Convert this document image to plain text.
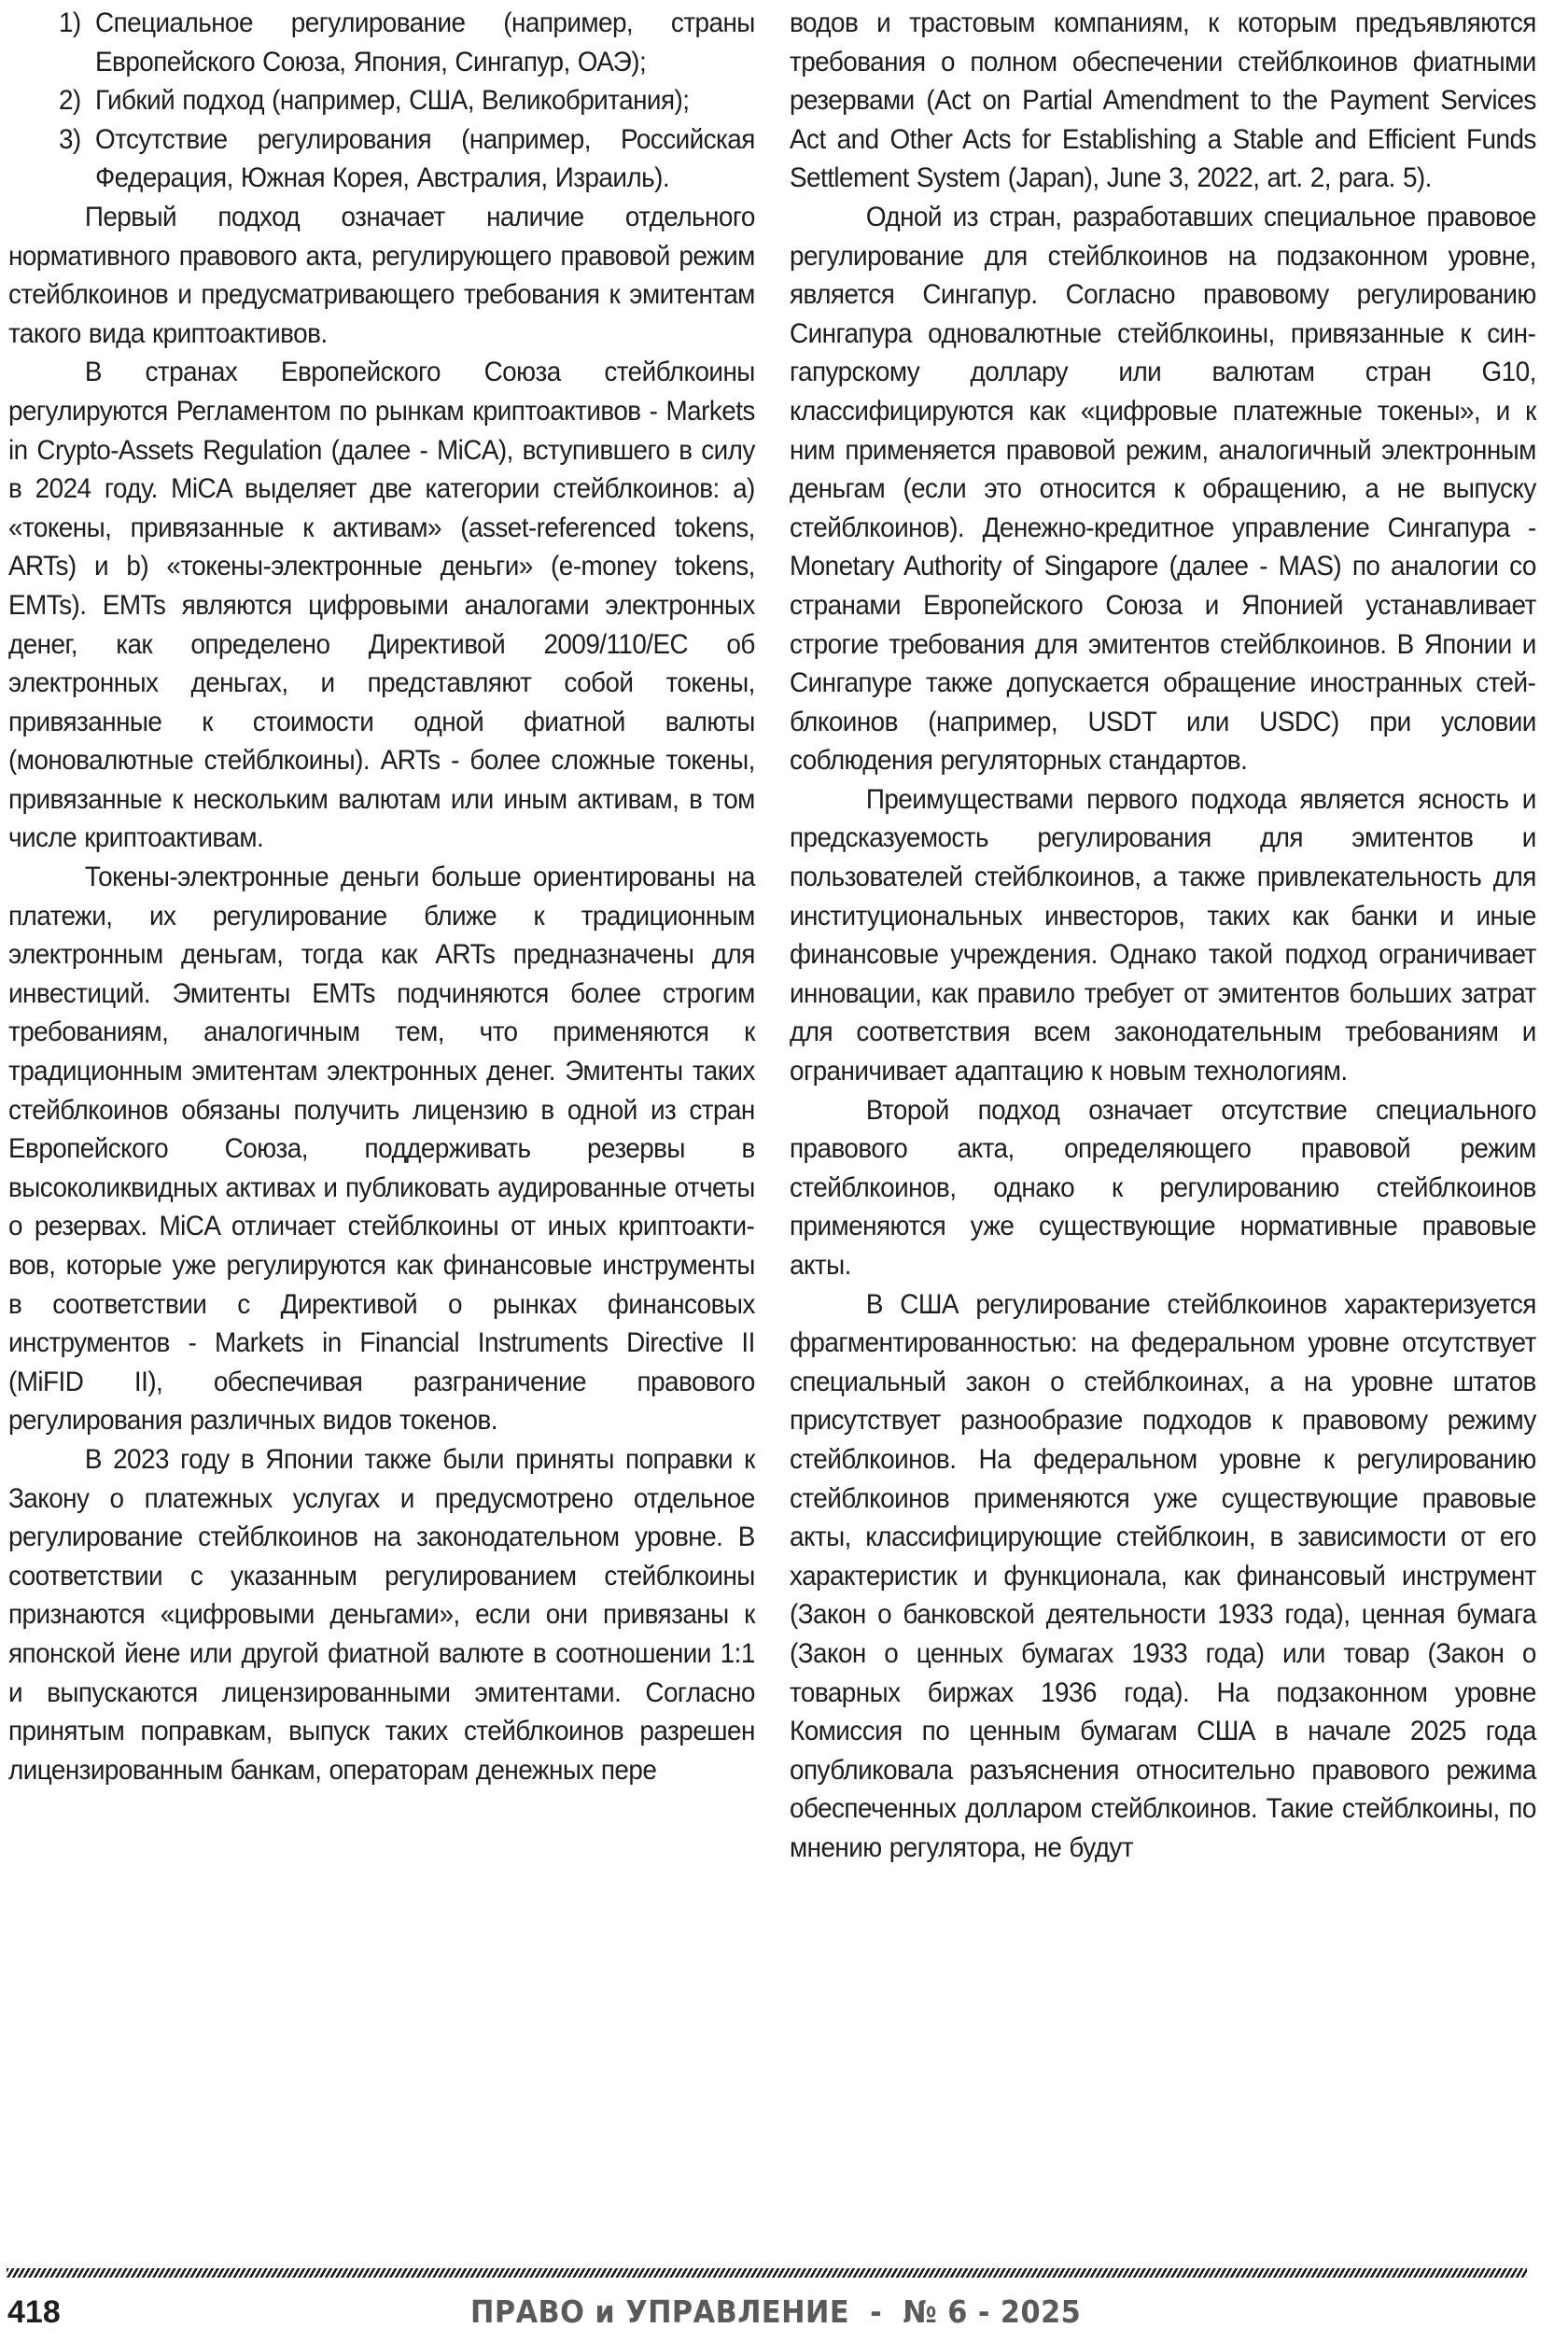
1) Специальное регулирование (например, страны Европейского Союза, Япония, Сингапур, ОАЭ);
2) Гибкий подход (например, США, Великобритания);
3) Отсутствие регулирования (например, Российская Федерация, Южная Корея, Австралия, Израиль).

Первый подход означает наличие отдельного нормативного правового акта, регулирующего правовой режим стейблкоинов и предусматривающего требования к эмитентам такого вида криптоактивов.

В странах Европейского Союза стейблкоины регулируются Регламентом по рынкам криптоактивов - Markets in Crypto-Assets Regulation (далее - MiCA), вступившего в силу в 2024 году. MiCA выделяет две категории стейблкоинов: a) «токены, привязанные к активам» (asset-referenced tokens, ARTs) и b) «токены-электронные деньги» (e-money tokens, EMTs). EMTs являются цифровыми аналогами электронных денег, как определено Директивой 2009/110/EC об электронных деньгах, и представляют собой токены, привязанные к стоимости одной фиатной валюты (моновалютные стейблкоины). ARTs - более сложные токены, привязанные к нескольким валютам или иным активам, в том числе криптоактивам.

Токены-электронные деньги больше ориентированы на платежи, их регулирование ближе к традиционным электронным деньгам, тогда как ARTs предназначены для инвестиций. Эмитенты EMTs подчиняются более строгим требованиям, аналогичным тем, что применяются к традиционным эмитентам электронных денег. Эмитенты таких стейблкоинов обязаны получить лицензию в одной из стран Европейского Союза, поддерживать резервы в высоколиквидных активах и публиковать аудированные отчеты о резервах. MiCA отличает стейблкоины от иных криптоактивов, которые уже регулируются как финансовые инструменты в соответствии с Директивой о рынках финансовых инструментов - Markets in Financial Instruments Directive II (MiFID II), обеспечивая разграничение правового регулирования различных видов токенов.

В 2023 году в Японии также были приняты поправки к Закону о платежных услугах и предусмотрено отдельное регулирование стейблкоинов на законодательном уровне. В соответствии с указанным регулированием стейблкоины признаются «цифровыми деньгами», если они привязаны к японской йене или другой фиатной валюте в соотношении 1:1 и выпускаются лицензированными эмитентами. Согласно принятым поправкам, выпуск таких стейблкоинов разрешен лицензированным банкам, операторам денежных пере

водов и трастовым компаниям, к которым предъявляются требования о полном обеспечении стейблкоинов фиатными резервами (Act on Partial Amendment to the Payment Services Act and Other Acts for Establishing a Stable and Efficient Funds Settlement System (Japan), June 3, 2022, art. 2, para. 5).

Одной из стран, разработавших специальное правовое регулирование для стейблкоинов на подзаконном уровне, является Сингапур. Согласно правовому регулированию Сингапура одновалютные стейблкоины, привязанные к сингапурскому доллару или валютам стран G10, классифицируются как «цифровые платежные токены», и к ним применяется правовой режим, аналогичный электронным деньгам (если это относится к обращению, а не выпуску стейблкоинов). Денежно-кредитное управление Сингапура - Monetary Authority of Singapore (далее - MAS) по аналогии со странами Европейского Союза и Японией устанавливает строгие требования для эмитентов стейблкоинов. В Японии и Сингапуре также допускается обращение иностранных стейблкоинов (например, USDT или USDC) при условии соблюдения регуляторных стандартов.

Преимуществами первого подхода является ясность и предсказуемость регулирования для эмитентов и пользователей стейблкоинов, а также привлекательность для институциональных инвесторов, таких как банки и иные финансовые учреждения. Однако такой подход ограничивает инновации, как правило требует от эмитентов больших затрат для соответствия всем законодательным требованиям и ограничивает адаптацию к новым технологиям.

Второй подход означает отсутствие специального правового акта, определяющего правовой режим стейблкоинов, однако к регулированию стейблкоинов применяются уже существующие нормативные правовые акты.

В США регулирование стейблкоинов характеризуется фрагментированностью: на федеральном уровне отсутствует специальный закон о стейблкоинах, а на уровне штатов присутствует разнообразие подходов к правовому режиму стейблкоинов. На федеральном уровне к регулированию стейблкоинов применяются уже существующие правовые акты, классифицирующие стейблкоин, в зависимости от его характеристик и функционала, как финансовый инструмент (Закон о банковской деятельности 1933 года), ценная бумага (Закон о ценных бумагах 1933 года) или товар (Закон о товарных биржах 1936 года). На подзаконном уровне Комиссия по ценным бумагам США в начале 2025 года опубликовала разъяснения относительно правового режима обеспеченных долларом стейблкоинов. Такие стейблкоины, по мнению регулятора, не будут

418	ПРАВО и УПРАВЛЕНИЕ  -  № 6 - 2025
